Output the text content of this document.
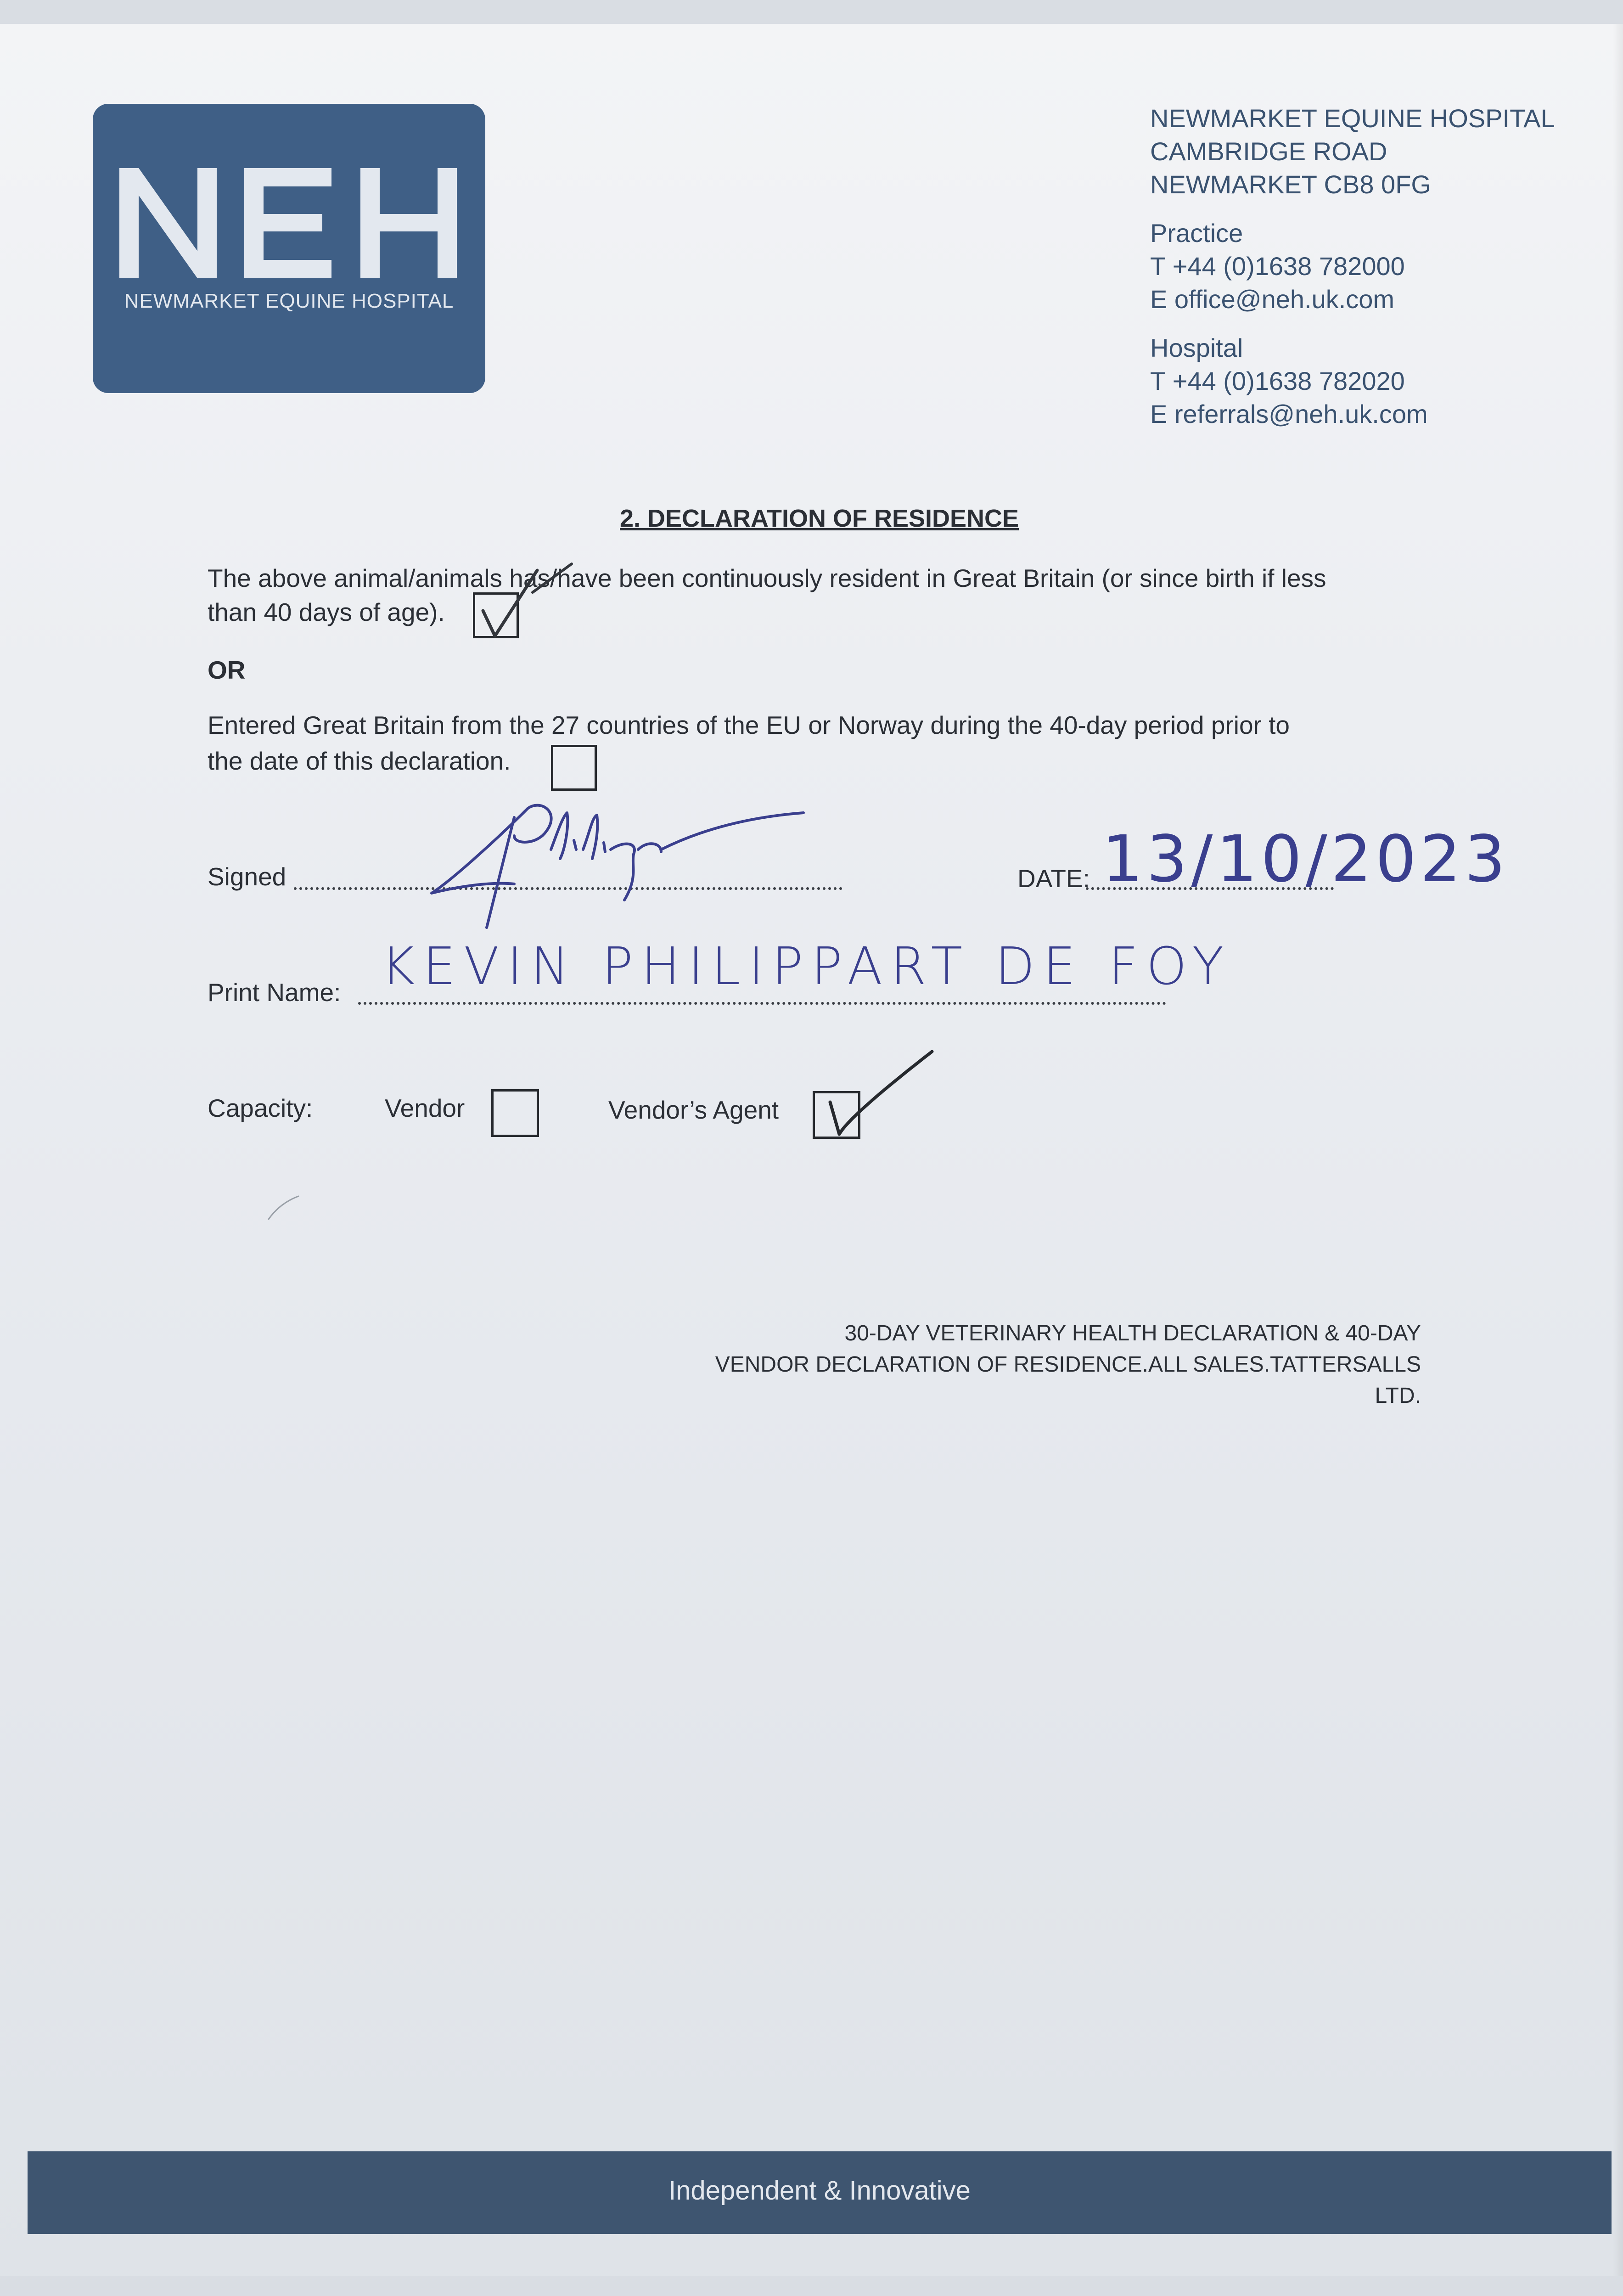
NEWMARKET EQUINE HOSPITAL
NEWMARKET EQUINE HOSPITAL
CAMBRIDGE ROAD
NEWMARKET CB8 0FG
Practice
T +44 (0)1638 782000
E office@neh.uk.com
Hospital
T +44 (0)1638 782020
E referrals@neh.uk.com
2. DECLARATION OF RESIDENCE
The above animal/animals has/have been continuously resident in Great Britain (or since birth if less
than 40 days of age).
OR
Entered Great Britain from the 27 countries of the EU or Norway during the 40-day period prior to
the date of this declaration.
Signed	DATE: 13/10/2023
Print Name: KEVIN PHILIPPART DE FOY
Capacity:	Vendor	Vendor’s Agent
30-DAY VETERINARY HEALTH DECLARATION & 40-DAY
VENDOR DECLARATION OF RESIDENCE.ALL SALES.TATTERSALLS LTD.
Independent & Innovative
